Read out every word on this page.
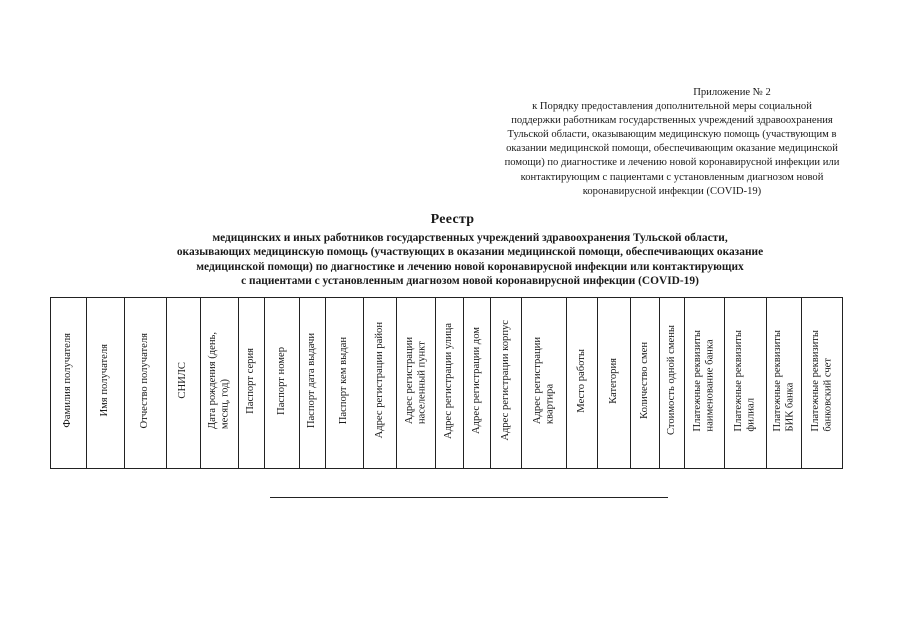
Приложение № 2
к Порядку предоставления дополнительной меры социальной
поддержки работникам государственных учреждений здравоохранения
Тульской области, оказывающим медицинскую помощь (участвующим в
оказании медицинской помощи, обеспечивающим оказание медицинской
помощи) по диагностике и лечению новой коронавирусной инфекции или
контактирующим с пациентами с установленным диагнозом новой
коронавирусной инфекции (COVID-19)
Реестр
медицинских и иных работников государственных учреждений здравоохранения Тульской области,
оказывающих медицинскую помощь (участвующих в оказании медицинской помощи, обеспечивающих оказание
медицинской помощи) по диагностике и лечению новой коронавирусной инфекции или контактирующих
с пациентами с установленным диагнозом новой коронавирусной инфекции (COVID-19)
Фамилия получателя	Имя получателя	Отчество получателя	СНИЛС	Дата рождения (день,
месяц, год)	Паспорт серия	Паспорт номер	Паспорт дата выдачи	Паспорт кем выдан	Адрес регистрации район	Адрес регистрации
населенный пункт	Адрес регистрации улица	Адрес регистрации дом	Адрес регистрации корпус	Адрес регистрации
квартира	Место работы	Категория	Количество смен	Стоимость одной смены	Платежные реквизиты
наименование банка	Платежные реквизиты
филиал	Платежные реквизиты
БИК банка	Платежные реквизиты
банковский счет
